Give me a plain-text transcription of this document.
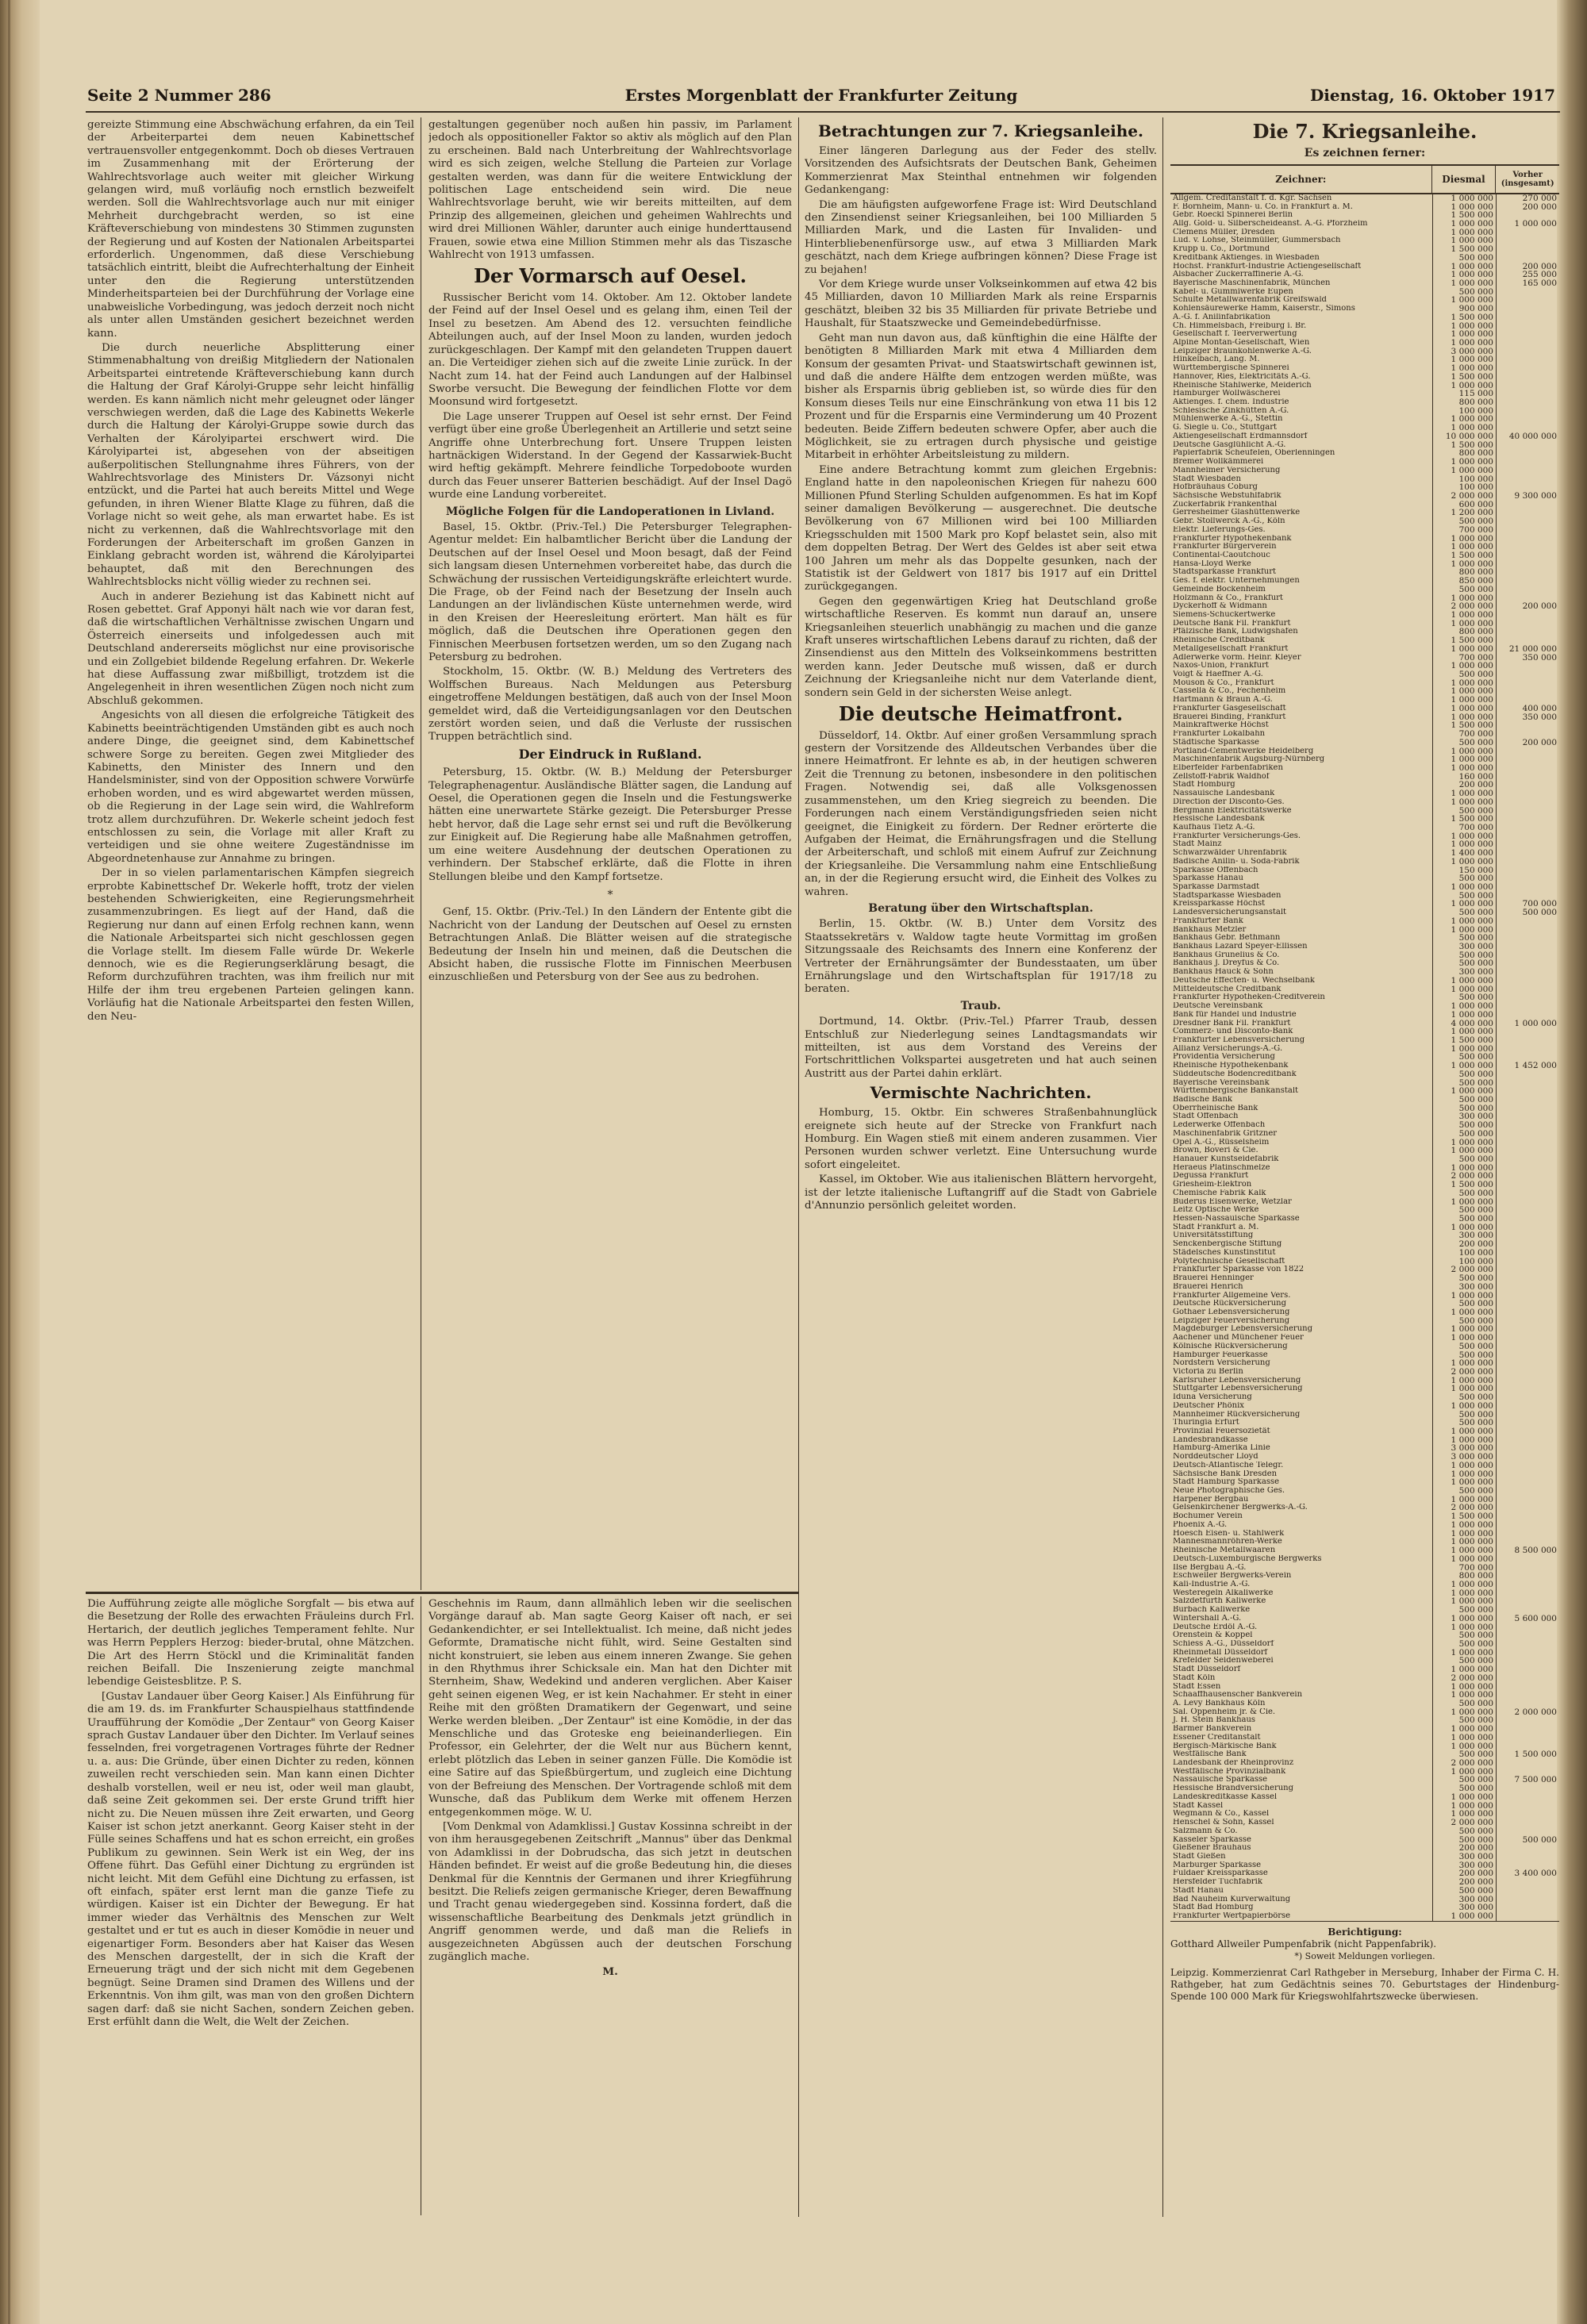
Seite 2 Nummer 286	Erstes Morgenblatt der Frankfurter Zeitung	Dienstag, 16. Oktober 1917

gereizte Stimmung eine Abschwächung erfahren, da ein Teil der Arbeiterpartei dem neuen Kabinettschef vertrauensvoller entgegenkommt. Doch ob dieses Vertrauen im Zusammenhang mit der Erörterung der Wahlrechtsvorlage auch weiter mit gleicher Wirkung gelangen wird, muß vorläufig noch ernstlich bezweifelt werden. Soll die Wahlrechtsvorlage auch nur mit einiger Mehrheit durchgebracht werden, so ist eine Kräfteverschiebung von mindestens 30 Stimmen zugunsten der Regierung und auf Kosten der Nationalen Arbeitspartei erforderlich. Ungenommen, daß diese Verschiebung tatsächlich eintritt, bleibt die Aufrechterhaltung der Einheit unter den die Regierung unterstützenden Minderheitsparteien bei der Durchführung der Vorlage eine unabweisliche Vorbedingung, was jedoch derzeit noch nicht als unter allen Umständen gesichert bezeichnet werden kann.

Die durch neuerliche Absplitterung einer Stimmenabhaltung von dreißig Mitgliedern der Nationalen Arbeitspartei eintretende Kräfteverschiebung kann durch die Haltung der Graf Károlyi-Gruppe sehr leicht hinfällig werden. Es kann nämlich nicht mehr geleugnet oder länger verschwiegen werden, daß die Lage des Kabinetts Wekerle durch die Haltung der Károlyi-Gruppe sowie durch das Verhalten der Károlyipartei erschwert wird. Die Károlyipartei ist, abgesehen von der abseitigen außerpolitischen Stellungnahme ihres Führers, von der Wahlrechtsvorlage des Ministers Dr. Vázsonyi nicht entzückt, und die Partei hat auch bereits Mittel und Wege gefunden, in ihren Wiener Blatte Klage zu führen, daß die Vorlage nicht so weit gehe, als man erwartet habe. Es ist nicht zu verkennen, daß die Wahlrechtsvorlage mit den Forderungen der Arbeiterschaft im großen Ganzen in Einklang gebracht worden ist, während die Károlyipartei behauptet, daß mit den Berechnungen des Wahlrechtsblocks nicht völlig wieder zu rechnen sei.

Auch in anderer Beziehung ist das Kabinett nicht auf Rosen gebettet. Graf Apponyi hält nach wie vor daran fest, daß die wirtschaftlichen Verhältnisse zwischen Ungarn und Österreich einerseits und infolgedessen auch mit Deutschland andererseits möglichst nur eine provisorische und ein Zollgebiet bildende Regelung erfahren. Dr. Wekerle hat diese Auffassung zwar mißbilligt, trotzdem ist die Angelegenheit in ihren wesentlichen Zügen noch nicht zum Abschluß gekommen.

Angesichts von all diesen die erfolgreiche Tätigkeit des Kabinetts beeinträchtigenden Umständen gibt es auch noch andere Dinge, die geeignet sind, dem Kabinettschef schwere Sorge zu bereiten. Gegen zwei Mitglieder des Kabinetts, den Minister des Innern und den Handelsminister, sind von der Opposition schwere Vorwürfe erhoben worden, und es wird abgewartet werden müssen, ob die Regierung in der Lage sein wird, die Wahlreform trotz allem durchzuführen. Dr. Wekerle scheint jedoch fest entschlossen zu sein, die Vorlage mit aller Kraft zu verteidigen und sie ohne weitere Zugeständnisse im Abgeordnetenhause zur Annahme zu bringen.

Der in so vielen parlamentarischen Kämpfen siegreich erprobte Kabinettschef Dr. Wekerle hofft, trotz der vielen bestehenden Schwierigkeiten, eine Regierungsmehrheit zusammenzubringen. Es liegt auf der Hand, daß die Regierung nur dann auf einen Erfolg rechnen kann, wenn die Nationale Arbeitspartei sich nicht geschlossen gegen die Vorlage stellt. Im diesem Falle würde Dr. Wekerle dennoch, wie es die Regierungserklärung besagt, die Reform durchzuführen trachten, was ihm freilich nur mit Hilfe der ihm treu ergebenen Parteien gelingen kann. Vorläufig hat die Nationale Arbeitspartei den festen Willen, den Neu-

gestaltungen gegenüber noch außen hin passiv, im Parlament jedoch als oppositioneller Faktor so aktiv als möglich auf den Plan zu erscheinen. Bald nach Unterbreitung der Wahlrechtsvorlage wird es sich zeigen, welche Stellung die Parteien zur Vorlage gestalten werden, was dann für die weitere Entwicklung der politischen Lage entscheidend sein wird. Die neue Wahlrechtsvorlage beruht, wie wir bereits mitteilten, auf dem Prinzip des allgemeinen, gleichen und geheimen Wahlrechts und wird drei Millionen Wähler, darunter auch einige hunderttausend Frauen, sowie etwa eine Million Stimmen mehr als das Tiszasche Wahlrecht von 1913 umfassen.

Der Vormarsch auf Oesel.

Russischer Bericht vom 14. Oktober. Am 12. Oktober landete der Feind auf der Insel Oesel und es gelang ihm, einen Teil der Insel zu besetzen. Am Abend des 12. versuchten feindliche Abteilungen auch, auf der Insel Moon zu landen, wurden jedoch zurückgeschlagen. Der Kampf mit den gelandeten Truppen dauert an. Die Verteidiger ziehen sich auf die zweite Linie zurück. In der Nacht zum 14. hat der Feind auch Landungen auf der Halbinsel Sworbe versucht. Die Bewegung der feindlichen Flotte vor dem Moonsund wird fortgesetzt.

Die Lage unserer Truppen auf Oesel ist sehr ernst. Der Feind verfügt über eine große Überlegenheit an Artillerie und setzt seine Angriffe ohne Unterbrechung fort. Unsere Truppen leisten hartnäckigen Widerstand. In der Gegend der Kassarwiek-Bucht wird heftig gekämpft. Mehrere feindliche Torpedoboote wurden durch das Feuer unserer Batterien beschädigt. Auf der Insel Dagö wurde eine Landung vorbereitet.

Mögliche Folgen für die Landoperationen in Livland.

Basel, 15. Oktbr. (Priv.-Tel.) Die Petersburger Telegraphen-Agentur meldet: Ein halbamtlicher Bericht über die Landung der Deutschen auf der Insel Oesel und Moon besagt, daß der Feind sich langsam diesen Unternehmen vorbereitet habe, das durch die Schwächung der russischen Verteidigungskräfte erleichtert wurde. Die Frage, ob der Feind nach der Besetzung der Inseln auch Landungen an der livländischen Küste unternehmen werde, wird in den Kreisen der Heeresleitung erörtert. Man hält es für möglich, daß die Deutschen ihre Operationen gegen den Finnischen Meerbusen fortsetzen werden, um so den Zugang nach Petersburg zu bedrohen.

Stockholm, 15. Oktbr. (W. B.) Meldung des Vertreters des Wolffschen Bureaus. Nach Meldungen aus Petersburg eingetroffene Meldungen bestätigen, daß auch von der Insel Moon gemeldet wird, daß die Verteidigungsanlagen vor den Deutschen zerstört worden seien, und daß die Verluste der russischen Truppen beträchtlich sind.

Der Eindruck in Rußland.

Petersburg, 15. Oktbr. (W. B.) Meldung der Petersburger Telegraphenagentur. Ausländische Blätter sagen, die Landung auf Oesel, die Operationen gegen die Inseln und die Festungswerke hätten eine unerwartete Stärke gezeigt. Die Petersburger Presse hebt hervor, daß die Lage sehr ernst sei und ruft die Bevölkerung zur Einigkeit auf. Die Regierung habe alle Maßnahmen getroffen, um eine weitere Ausdehnung der deutschen Operationen zu verhindern. Der Stabschef erklärte, daß die Flotte in ihren Stellungen bleibe und den Kampf fortsetze.

*

Genf, 15. Oktbr. (Priv.-Tel.) In den Ländern der Entente gibt die Nachricht von der Landung der Deutschen auf Oesel zu ernsten Betrachtungen Anlaß. Die Blätter weisen auf die strategische Bedeutung der Inseln hin und meinen, daß die Deutschen die Absicht haben, die russische Flotte im Finnischen Meerbusen einzuschließen und Petersburg von der See aus zu bedrohen.

Betrachtungen zur 7. Kriegsanleihe.

Einer längeren Darlegung aus der Feder des stellv. Vorsitzenden des Aufsichtsrats der Deutschen Bank, Geheimen Kommerzienrat Max Steinthal entnehmen wir folgenden Gedankengang:

Die am häufigsten aufgeworfene Frage ist: Wird Deutschland den Zinsendienst seiner Kriegsanleihen, bei 100 Milliarden 5 Milliarden Mark, und die Lasten für Invaliden- und Hinterbliebenenfürsorge usw., auf etwa 3 Milliarden Mark geschätzt, nach dem Kriege aufbringen können? Diese Frage ist zu bejahen!

Vor dem Kriege wurde unser Volkseinkommen auf etwa 42 bis 45 Milliarden, davon 10 Milliarden Mark als reine Ersparnis geschätzt, bleiben 32 bis 35 Milliarden für private Betriebe und Haushalt, für Staatszwecke und Gemeindebedürfnisse.

Geht man nun davon aus, daß künftighin die eine Hälfte der benötigten 8 Milliarden Mark mit etwa 4 Milliarden dem Konsum der gesamten Privat- und Staatswirtschaft gewinnen ist, und daß die andere Hälfte dem entzogen werden müßte, was bisher als Ersparnis übrig geblieben ist, so würde dies für den Konsum dieses Teils nur eine Einschränkung von etwa 11 bis 12 Prozent und für die Ersparnis eine Verminderung um 40 Prozent bedeuten. Beide Ziffern bedeuten schwere Opfer, aber auch die Möglichkeit, sie zu ertragen durch physische und geistige Mitarbeit in erhöhter Arbeitsleistung zu mildern.

Eine andere Betrachtung kommt zum gleichen Ergebnis: England hatte in den napoleonischen Kriegen für nahezu 600 Millionen Pfund Sterling Schulden aufgenommen. Es hat im Kopf seiner damaligen Bevölkerung — ausgerechnet. Die deutsche Bevölkerung von 67 Millionen wird bei 100 Milliarden Kriegsschulden mit 1500 Mark pro Kopf belastet sein, also mit dem doppelten Betrag. Der Wert des Geldes ist aber seit etwa 100 Jahren um mehr als das Doppelte gesunken, nach der Statistik ist der Geldwert von 1817 bis 1917 auf ein Drittel zurückgegangen.

Gegen den gegenwärtigen Krieg hat Deutschland große wirtschaftliche Reserven. Es kommt nun darauf an, unsere Kriegsanleihen steuerlich unabhängig zu machen und die ganze Kraft unseres wirtschaftlichen Lebens darauf zu richten, daß der Zinsendienst aus den Mitteln des Volkseinkommens bestritten werden kann. Jeder Deutsche muß wissen, daß er durch Zeichnung der Kriegsanleihe nicht nur dem Vaterlande dient, sondern sein Geld in der sichersten Weise anlegt.

Die deutsche Heimatfront.

Düsseldorf, 14. Oktbr. Auf einer großen Versammlung sprach gestern der Vorsitzende des Alldeutschen Verbandes über die innere Heimatfront. Er lehnte es ab, in der heutigen schweren Zeit die Trennung zu betonen, insbesondere in den politischen Fragen. Notwendig sei, daß alle Volksgenossen zusammenstehen, um den Krieg siegreich zu beenden. Die Forderungen nach einem Verständigungsfrieden seien nicht geeignet, die Einigkeit zu fördern. Der Redner erörterte die Aufgaben der Heimat, die Ernährungsfragen und die Stellung der Arbeiterschaft, und schloß mit einem Aufruf zur Zeichnung der Kriegsanleihe. Die Versammlung nahm eine Entschließung an, in der die Regierung ersucht wird, die Einheit des Volkes zu wahren.

Beratung über den Wirtschaftsplan.

Berlin, 15. Oktbr. (W. B.) Unter dem Vorsitz des Staatssekretärs v. Waldow tagte heute Vormittag im großen Sitzungssaale des Reichsamts des Innern eine Konferenz der Vertreter der Ernährungsämter der Bundesstaaten, um über Ernährungslage und den Wirtschaftsplan für 1917/18 zu beraten.

Traub.

Dortmund, 14. Oktbr. (Priv.-Tel.) Pfarrer Traub, dessen Entschluß zur Niederlegung seines Landtagsmandats wir mitteilten, ist aus dem Vorstand des Vereins der Fortschrittlichen Volkspartei ausgetreten und hat auch seinen Austritt aus der Partei dahin erklärt.

Vermischte Nachrichten.

Homburg, 15. Oktbr. Ein schweres Straßenbahnunglück ereignete sich heute auf der Strecke von Frankfurt nach Homburg. Ein Wagen stieß mit einem anderen zusammen. Vier Personen wurden schwer verletzt. Eine Untersuchung wurde sofort eingeleitet.

Kassel, im Oktober. Wie aus italienischen Blättern hervorgeht, ist der letzte italienische Luftangriff auf die Stadt von Gabriele d'Annunzio persönlich geleitet worden.

Die Aufführung zeigte alle mögliche Sorgfalt — bis etwa auf die Besetzung der Rolle des erwachten Fräuleins durch Frl. Hertarich, der deutlich jegliches Temperament fehlte. Nur was Herrn Pepplers Herzog: bieder-brutal, ohne Mätzchen. Die Art des Herrn Stöckl und die Kriminalität fanden reichen Beifall. Die Inszenierung zeigte manchmal lebendige Geistesblitze. P. S.

[Gustav Landauer über Georg Kaiser.] Als Einführung für die am 19. ds. im Frankfurter Schauspielhaus stattfindende Uraufführung der Komödie „Der Zentaur" von Georg Kaiser sprach Gustav Landauer über den Dichter. Im Verlauf seines fesselnden, frei vorgetragenen Vortrages führte der Redner u. a. aus: Die Gründe, über einen Dichter zu reden, können zuweilen recht verschieden sein. Man kann einen Dichter deshalb vorstellen, weil er neu ist, oder weil man glaubt, daß seine Zeit gekommen sei. Der erste Grund trifft hier nicht zu. Die Neuen müssen ihre Zeit erwarten, und Georg Kaiser ist schon jetzt anerkannt. Georg Kaiser steht in der Fülle seines Schaffens und hat es schon erreicht, ein großes Publikum zu gewinnen. Sein Werk ist ein Weg, der ins Offene führt. Das Gefühl einer Dichtung zu ergründen ist nicht leicht. Mit dem Gefühl eine Dichtung zu erfassen, ist oft einfach, später erst lernt man die ganze Tiefe zu würdigen. Kaiser ist ein Dichter der Bewegung. Er hat immer wieder das Verhältnis des Menschen zur Welt gestaltet und er tut es auch in dieser Komödie in neuer und eigenartiger Form. Besonders aber hat Kaiser das Wesen des Menschen dargestellt, der in sich die Kraft der Erneuerung trägt und der sich nicht mit dem Gegebenen begnügt. Seine Dramen sind Dramen des Willens und der Erkenntnis. Von ihm gilt, was man von den großen Dichtern sagen darf: daß sie nicht Sachen, sondern Zeichen geben. Erst erfühlt dann die Welt, die Welt der Zeichen.

Geschehnis im Raum, dann allmählich leben wir die seelischen Vorgänge darauf ab. Man sagte Georg Kaiser oft nach, er sei Gedankendichter, er sei Intellektualist. Ich meine, daß nicht jedes Geformte, Dramatische nicht fühlt, wird. Seine Gestalten sind nicht konstruiert, sie leben aus einem inneren Zwange. Sie gehen in den Rhythmus ihrer Schicksale ein. Man hat den Dichter mit Sternheim, Shaw, Wedekind und anderen verglichen. Aber Kaiser geht seinen eigenen Weg, er ist kein Nachahmer. Er steht in einer Reihe mit den größten Dramatikern der Gegenwart, und seine Werke werden bleiben. „Der Zentaur" ist eine Komödie, in der das Menschliche und das Groteske eng beieinanderliegen. Ein Professor, ein Gelehrter, der die Welt nur aus Büchern kennt, erlebt plötzlich das Leben in seiner ganzen Fülle. Die Komödie ist eine Satire auf das Spießbürgertum, und zugleich eine Dichtung von der Befreiung des Menschen. Der Vortragende schloß mit dem Wunsche, daß das Publikum dem Werke mit offenem Herzen entgegenkommen möge. W. U.

[Vom Denkmal von Adamklissi.] Gustav Kossinna schreibt in der von ihm herausgegebenen Zeitschrift „Mannus" über das Denkmal von Adamklissi in der Dobrudscha, das sich jetzt in deutschen Händen befindet. Er weist auf die große Bedeutung hin, die dieses Denkmal für die Kenntnis der Germanen und ihrer Kriegführung besitzt. Die Reliefs zeigen germanische Krieger, deren Bewaffnung und Tracht genau wiedergegeben sind. Kossinna fordert, daß die wissenschaftliche Bearbeitung des Denkmals jetzt gründlich in Angriff genommen werde, und daß man die Reliefs in ausgezeichneten Abgüssen auch der deutschen Forschung zugänglich mache.

M.
Die 7. Kriegsanleihe.
Es zeichnen ferner:
Zeichner:	Diesmal	Vorher (insgesamt)
Allgem. Creditanstalt f. d. Kgr. Sachsen	1 000 000	270 000
F. Bornheim, Mann- u. Co. in Frankfurt a. M.	1 000 000	200 000
Gebr. Roeckl Spinnerei Berlin	1 500 000
Allg. Gold- u. Silberscheideanst. A.-G. Pforzheim	1 000 000	1 000 000
Clemens Müller, Dresden	1 000 000
Lud. v. Lohse, Steinmüller, Gummersbach	1 000 000
Krupp u. Co., Dortmund	1 500 000
Kreditbank Aktienges. in Wiesbaden	500 000
Hochst. Frankfurt-Industrie Actiengesellschaft	1 000 000	200 000
Alsbacher Zuckerraffinerie A.-G.	1 000 000	255 000
Bayerische Maschinenfabrik, München	1 000 000	165 000
Kabel- u. Gummiwerke Eupen	500 000
Schulte Metallwarenfabrik Greifswald	1 000 000
Kohlensäurewerke Hamm, Kaiserstr., Simons	900 000
A.-G. f. Anilinfabrikation	1 500 000
Ch. Himmelsbach, Freiburg i. Br.	1 000 000
Gesellschaft f. Teerverwertung	1 000 000
Alpine Montan-Gesellschaft, Wien	1 000 000
Leipziger Braunkohlenwerke A.-G.	3 000 000
Hinkelbach, Lang. M.	1 000 000
Württembergische Spinnerei	1 000 000
Hannover, Ries, Elektricitäts A.-G.	1 500 000
Rheinische Stahlwerke, Meiderich	1 000 000
Hamburger Wollwäscherei	115 000
Aktienges. f. chem. Industrie	800 000
Schlesische Zinkhütten A.-G.	100 000
Mühlenwerke A.-G., Stettin	1 000 000
G. Siegle u. Co., Stuttgart	1 000 000
Aktiengesellschaft Erdmannsdorf	10 000 000	40 000 000
Deutsche Gasglühlicht A.-G.	1 500 000
Papierfabrik Scheufelen, Oberlenningen	800 000
Bremer Wollkämmerei	1 000 000
Mannheimer Versicherung	1 000 000
Stadt Wiesbaden	100 000
Hofbräuhaus Coburg	100 000
Sächsische Webstuhlfabrik	2 000 000	9 300 000
Zuckerfabrik Frankenthal	600 000
Gerresheimer Glashüttenwerke	1 200 000
Gebr. Stollwerck A.-G., Köln	500 000
Elektr. Lieferungs-Ges.	700 000
Frankfurter Hypothekenbank	1 000 000
Frankfurter Bürgerverein	1 000 000
Continental-Caoutchouc	1 500 000
Hansa-Lloyd Werke	1 000 000
Stadtsparkasse Frankfurt	800 000
Ges. f. elektr. Unternehmungen	850 000
Gemeinde Bockenheim	500 000
Holzmann & Co., Frankfurt	1 000 000
Dyckerhoff & Widmann	2 000 000	200 000
Siemens-Schuckertwerke	1 000 000
Deutsche Bank Fil. Frankfurt	1 000 000
Pfälzische Bank, Ludwigshafen	800 000
Rheinische Creditbank	1 500 000
Metallgesellschaft Frankfurt	1 000 000	21 000 000
Adlerwerke vorm. Heinr. Kleyer	700 000	350 000
Naxos-Union, Frankfurt	1 000 000
Voigt & Haeffner A.-G.	500 000
Mouson & Co., Frankfurt	1 000 000
Cassella & Co., Fechenheim	1 000 000
Hartmann & Braun A.-G.	1 000 000
Frankfurter Gasgesellschaft	1 000 000	400 000
Brauerei Binding, Frankfurt	1 000 000	350 000
Mainkraftwerke Höchst	1 500 000
Frankfurter Lokalbahn	700 000
Städtische Sparkasse	500 000	200 000
Portland-Cementwerke Heidelberg	1 000 000
Maschinenfabrik Augsburg-Nürnberg	1 000 000
Elberfelder Farbenfabriken	1 000 000
Zellstoff-Fabrik Waldhof	160 000
Stadt Homburg	200 000
Nassauische Landesbank	1 000 000
Direction der Disconto-Ges.	1 000 000
Bergmann Elektricitätswerke	500 000
Hessische Landesbank	1 500 000
Kaufhaus Tietz A.-G.	700 000
Frankfurter Versicherungs-Ges.	1 000 000
Stadt Mainz	1 000 000
Schwarzwälder Uhrenfabrik	1 400 000
Badische Anilin- u. Soda-Fabrik	1 000 000
Sparkasse Offenbach	150 000
Sparkasse Hanau	500 000
Sparkasse Darmstadt	1 000 000
Stadtsparkasse Wiesbaden	500 000
Kreissparkasse Höchst	1 000 000	700 000
Landesversicherungsanstalt	500 000	500 000
Frankfurter Bank	1 000 000
Bankhaus Metzler	1 000 000
Bankhaus Gebr. Bethmann	500 000
Bankhaus Lazard Speyer-Ellissen	300 000
Bankhaus Grunelius & Co.	500 000
Bankhaus J. Dreyfus & Co.	500 000
Bankhaus Hauck & Sohn	300 000
Deutsche Effecten- u. Wechselbank	1 000 000
Mitteldeutsche Creditbank	1 000 000
Frankfurter Hypotheken-Creditverein	500 000
Deutsche Vereinsbank	1 000 000
Bank für Handel und Industrie	1 000 000
Dresdner Bank Fil. Frankfurt	4 000 000	1 000 000
Commerz- und Disconto-Bank	1 000 000
Frankfurter Lebensversicherung	1 500 000
Allianz Versicherungs-A.-G.	1 000 000
Providentia Versicherung	500 000
Rheinische Hypothekenbank	1 000 000	1 452 000
Süddeutsche Bodencreditbank	500 000
Bayerische Vereinsbank	500 000
Württembergische Bankanstalt	1 000 000
Badische Bank	500 000
Oberrheinische Bank	500 000
Stadt Offenbach	300 000
Lederwerke Offenbach	500 000
Maschinenfabrik Gritzner	500 000
Opel A.-G., Rüsselsheim	1 000 000
Brown, Boveri & Cie.	1 000 000
Hanauer Kunstseidefabrik	500 000
Heraeus Platinschmelze	1 000 000
Degussa Frankfurt	2 000 000
Griesheim-Elektron	1 500 000
Chemische Fabrik Kalk	500 000
Buderus Eisenwerke, Wetzlar	1 000 000
Leitz Optische Werke	500 000
Hessen-Nassauische Sparkasse	500 000
Stadt Frankfurt a. M.	1 000 000
Universitätsstiftung	300 000
Senckenbergische Stiftung	200 000
Städelsches Kunstinstitut	100 000
Polytechnische Gesellschaft	100 000
Frankfurter Sparkasse von 1822	2 000 000
Brauerei Henninger	500 000
Brauerei Henrich	300 000
Frankfurter Allgemeine Vers.	1 000 000
Deutsche Rückversicherung	500 000
Gothaer Lebensversicherung	1 000 000
Leipziger Feuerversicherung	500 000
Magdeburger Lebensversicherung	1 000 000
Aachener und Münchener Feuer	1 000 000
Kölnische Rückversicherung	500 000
Hamburger Feuerkasse	500 000
Nordstern Versicherung	1 000 000
Victoria zu Berlin	2 000 000
Karlsruher Lebensversicherung	1 000 000
Stuttgarter Lebensversicherung	1 000 000
Iduna Versicherung	500 000
Deutscher Phönix	1 000 000
Mannheimer Rückversicherung	500 000
Thuringia Erfurt	500 000
Provinzial Feuersozietät	1 000 000
Landesbrandkasse	1 000 000
Hamburg-Amerika Linie	3 000 000
Norddeutscher Lloyd	3 000 000
Deutsch-Atlantische Telegr.	1 000 000
Sächsische Bank Dresden	1 000 000
Stadt Hamburg Sparkasse	1 000 000
Neue Photographische Ges.	500 000
Harpener Bergbau	1 000 000
Gelsenkirchener Bergwerks-A.-G.	2 000 000
Bochumer Verein	1 500 000
Phoenix A.-G.	1 000 000
Hoesch Eisen- u. Stahlwerk	1 000 000
Mannesmannröhren-Werke	1 000 000
Rheinische Metallwaaren	1 000 000	8 500 000
Deutsch-Luxemburgische Bergwerks	1 000 000
Ilse Bergbau A.-G.	700 000
Eschweiler Bergwerks-Verein	800 000
Kali-Industrie A.-G.	1 000 000
Westeregeln Alkaliwerke	1 000 000
Salzdetfurth Kaliwerke	1 000 000
Burbach Kaliwerke	500 000
Wintershall A.-G.	1 000 000	5 600 000
Deutsche Erdöl A.-G.	1 000 000
Orenstein & Koppel	500 000
Schiess A.-G., Düsseldorf	500 000
Rheinmetall Düsseldorf	1 000 000
Krefelder Seidenweberei	500 000
Stadt Düsseldorf	1 000 000
Stadt Köln	2 000 000
Stadt Essen	1 000 000
Schaaffhausenscher Bankverein	1 000 000
A. Levy Bankhaus Köln	500 000
Sal. Oppenheim jr. & Cie.	1 000 000	2 000 000
J. H. Stein Bankhaus	500 000
Barmer Bankverein	1 000 000
Essener Creditanstalt	1 000 000
Bergisch-Märkische Bank	1 000 000
Westfälische Bank	500 000	1 500 000
Landesbank der Rheinprovinz	2 000 000
Westfälische Provinzialbank	1 000 000
Nassauische Sparkasse	500 000	7 500 000
Hessische Brandversicherung	500 000
Landeskreditkasse Kassel	1 000 000
Stadt Kassel	1 000 000
Wegmann & Co., Kassel	1 000 000
Henschel & Sohn, Kassel	2 000 000
Salzmann & Co.	500 000
Kasseler Sparkasse	500 000	500 000
Gießener Brauhaus	200 000
Stadt Gießen	300 000
Marburger Sparkasse	300 000
Fuldaer Kreissparkasse	200 000	3 400 000
Hersfelder Tuchfabrik	200 000
Stadt Hanau	500 000
Bad Nauheim Kurverwaltung	300 000
Stadt Bad Homburg	300 000
Frankfurter Wertpapierbörse	1 000 000
Berichtigung:
Gotthard Allweiler Pumpenfabrik (nicht Pappenfabrik).
*) Soweit Meldungen vorliegen.
Leipzig. Kommerzienrat Carl Rathgeber in Merseburg, Inhaber der Firma C. H. Rathgeber, hat zum Gedächtnis seines 70. Geburtstages der Hindenburg-Spende 100 000 Mark für Kriegswohlfahrtszwecke überwiesen.
